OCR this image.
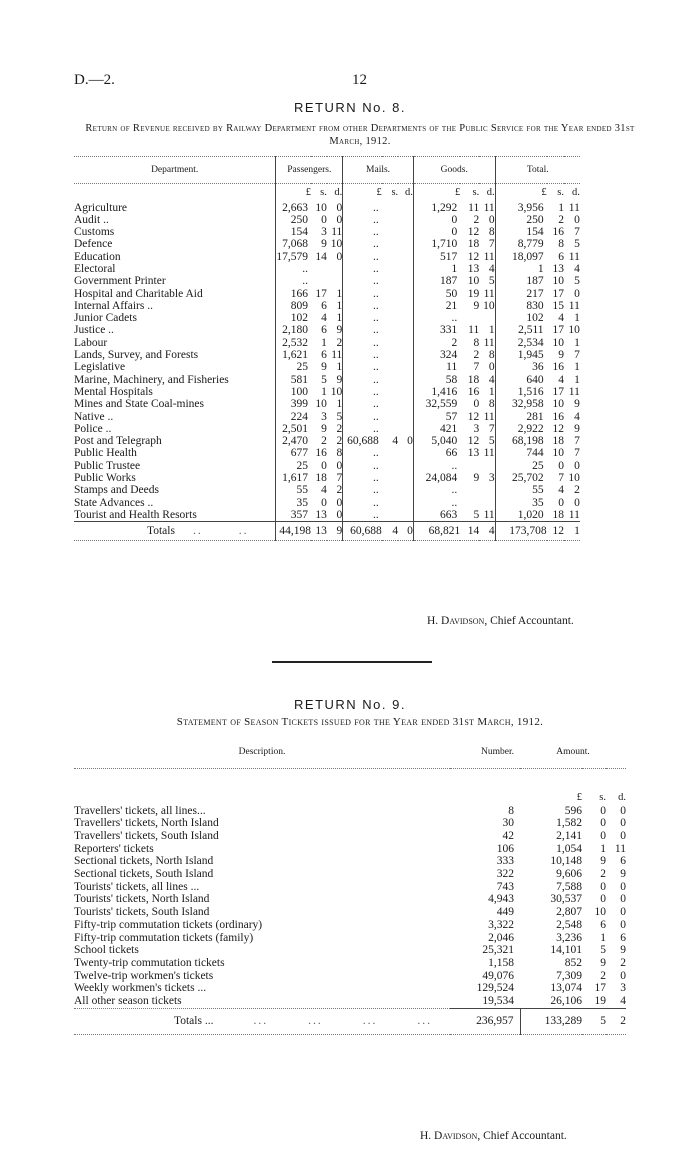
D.—2.	12
RETURN No. 8.
Return of Revenue received by Railway Department from other Departments of the Public Service for the Year ended 31st March, 1912.
Department.	Passengers.			Mails.			Goods.			Total.		
	£	s.	d.	£	s.	d.	£	s.	d.	£	s.	d.
Agriculture	2,663	10	0	..			1,292	11	11	3,956	1	11
Audit ..	250	0	0	..			0	2	0	250	2	0
Customs	154	3	11	..			0	12	8	154	16	7
Defence	7,068	9	10	..			1,710	18	7	8,779	8	5
Education	17,579	14	0	..			517	12	11	18,097	6	11
Electoral	..			..			1	13	4	1	13	4
Government Printer	..			..			187	10	5	187	10	5
Hospital and Charitable Aid	166	17	1	..			50	19	11	217	17	0
Internal Affairs ..	809	6	1	..			21	9	10	830	15	11
Junior Cadets	102	4	1	..			..			102	4	1
Justice ..	2,180	6	9	..			331	11	1	2,511	17	10
Labour	2,532	1	2	..			2	8	11	2,534	10	1
Lands, Survey, and Forests	1,621	6	11	..			324	2	8	1,945	9	7
Legislative	25	9	1	..			11	7	0	36	16	1
Marine, Machinery, and Fisheries	581	5	9	..			58	18	4	640	4	1
Mental Hospitals	100	1	10	..			1,416	16	1	1,516	17	11
Mines and State Coal-mines	399	10	1	..			32,559	0	8	32,958	10	9
Native ..	224	3	5	..			57	12	11	281	16	4
Police ..	2,501	9	2	..			421	3	7	2,922	12	9
Post and Telegraph	2,470	2	2	60,688	4	0	5,040	12	5	68,198	18	7
Public Health	677	16	8	..			66	13	11	744	10	7
Public Trustee	25	0	0	..			..			25	0	0
Public Works	1,617	18	7	..			24,084	9	3	25,702	7	10
Stamps and Deeds	55	4	2	..			..			55	4	2
State Advances ..	35	0	0	..			..			35	0	0
Tourist and Health Resorts	357	13	0	..			663	5	11	1,020	18	11
Totals .. ..	44,198	13	9	60,688	4	0	68,821	14	4	173,708	12	1
H. Davidson, Chief Accountant.
RETURN No. 9.
Statement of Season Tickets issued for the Year ended 31st March, 1912.
Description.	Number.	Amount.		
		£	s.	d.
Travellers' tickets, all lines...	8	596	0	0
Travellers' tickets, North Island	30	1,582	0	0
Travellers' tickets, South Island	42	2,141	0	0
Reporters' tickets	106	1,054	1	11
Sectional tickets, North Island	333	10,148	9	6
Sectional tickets, South Island	322	9,606	2	9
Tourists' tickets, all lines ...	743	7,588	0	0
Tourists' tickets, North Island	4,943	30,537	0	0
Tourists' tickets, South Island	449	2,807	10	0
Fifty-trip commutation tickets (ordinary)	3,322	2,548	6	0
Fifty-trip commutation tickets (family)	2,046	3,236	1	6
School tickets	25,321	14,101	5	9
Twenty-trip commutation tickets	1,158	852	9	2
Twelve-trip workmen's tickets	49,076	7,309	2	0
Weekly workmen's tickets ...	129,524	13,074	17	3
All other season tickets	19,534	26,106	19	4
Totals ... ... ... ... ...	236,957	133,289	5	2
H. Davidson, Chief Accountant.
